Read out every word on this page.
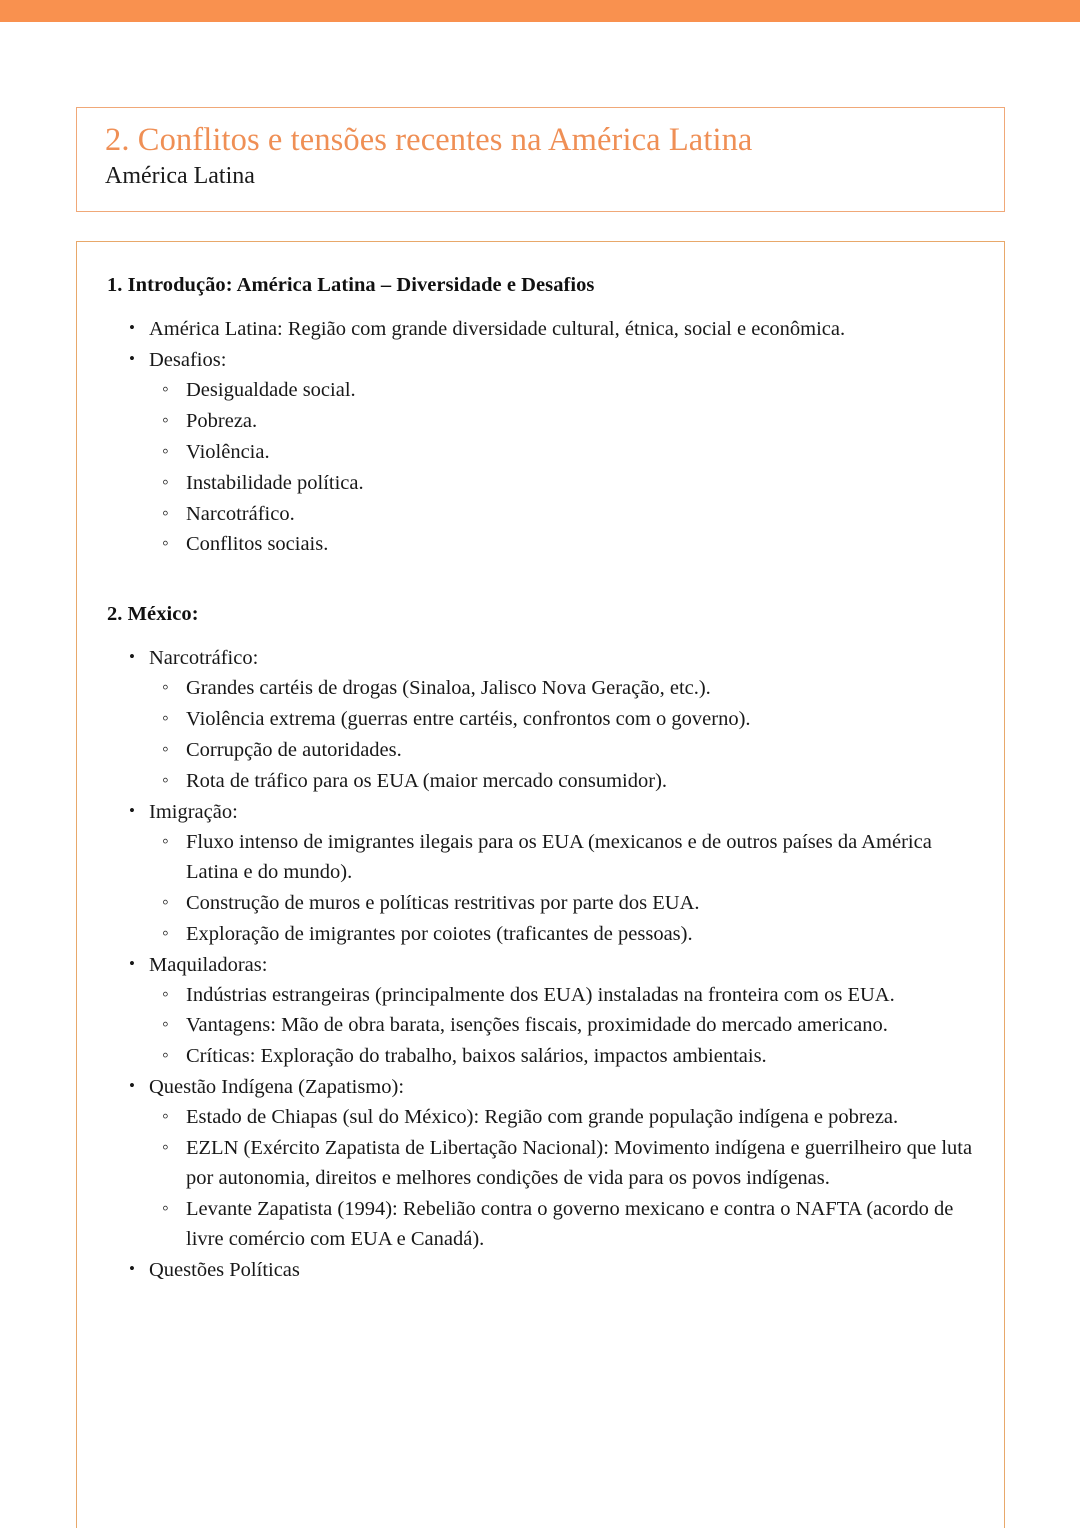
2. Conflitos e tensões recentes na América Latina
América Latina
1. Introdução: América Latina – Diversidade e Desafios
• América Latina: Região com grande diversidade cultural, étnica, social e econômica.
• Desafios:
◦ Desigualdade social.
◦ Pobreza.
◦ Violência.
◦ Instabilidade política.
◦ Narcotráfico.
◦ Conflitos sociais.
2. México:
• Narcotráfico:
◦ Grandes cartéis de drogas (Sinaloa, Jalisco Nova Geração, etc.).
◦ Violência extrema (guerras entre cartéis, confrontos com o governo).
◦ Corrupção de autoridades.
◦ Rota de tráfico para os EUA (maior mercado consumidor).
• Imigração:
◦ Fluxo intenso de imigrantes ilegais para os EUA (mexicanos e de outros países da América Latina e do mundo).
◦ Construção de muros e políticas restritivas por parte dos EUA.
◦ Exploração de imigrantes por coiotes (traficantes de pessoas).
• Maquiladoras:
◦ Indústrias estrangeiras (principalmente dos EUA) instaladas na fronteira com os EUA.
◦ Vantagens: Mão de obra barata, isenções fiscais, proximidade do mercado americano.
◦ Críticas: Exploração do trabalho, baixos salários, impactos ambientais.
• Questão Indígena (Zapatismo):
◦ Estado de Chiapas (sul do México): Região com grande população indígena e pobreza.
◦ EZLN (Exército Zapatista de Libertação Nacional): Movimento indígena e guerrilheiro que luta por autonomia, direitos e melhores condições de vida para os povos indígenas.
◦ Levante Zapatista (1994): Rebelião contra o governo mexicano e contra o NAFTA (acordo de livre comércio com EUA e Canadá).
• Questões Políticas
